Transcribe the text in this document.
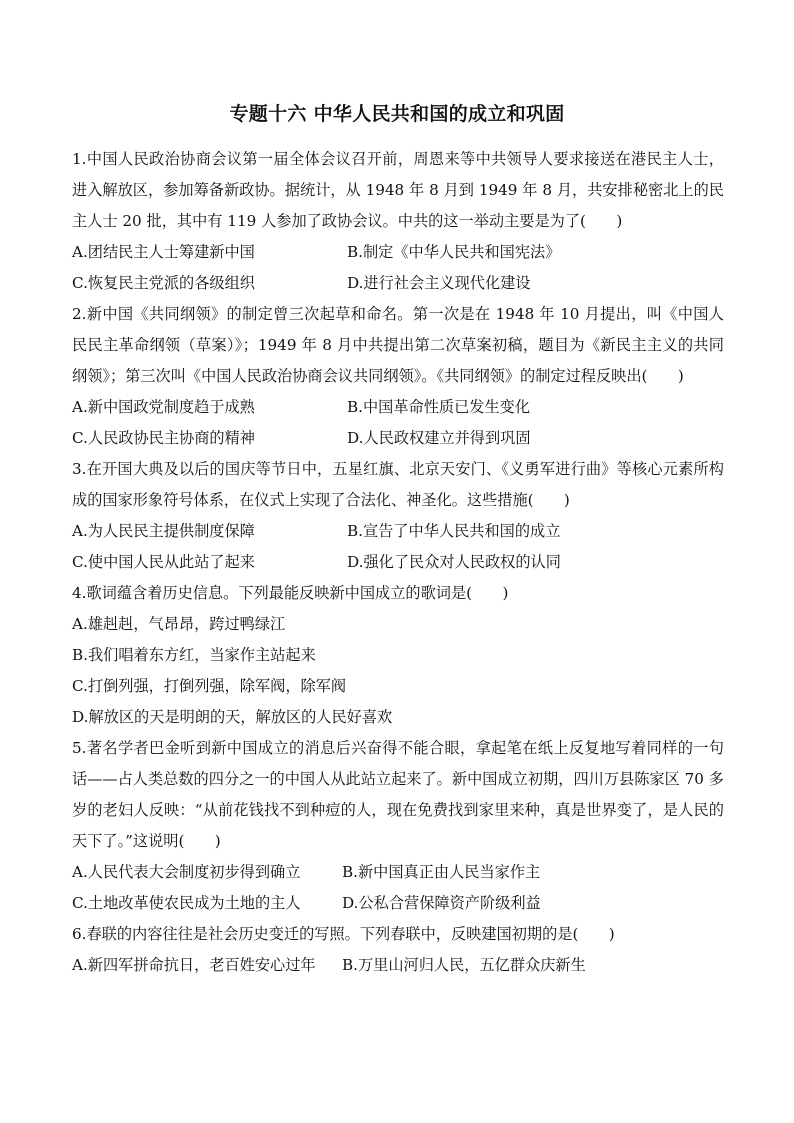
专题十六 中华人民共和国的成立和巩固
1.中国人民政治协商会议第一届全体会议召开前，周恩来等中共领导人要求接送在港民主人士，进入解放区，参加筹备新政协。据统计，从 1948 年 8 月到 1949 年 8 月，共安排秘密北上的民主人士 20 批，其中有 119 人参加了政协会议。中共的这一举动主要是为了(　　)
A.团结民主人士筹建新中国	B.制定《中华人民共和国宪法》
C.恢复民主党派的各级组织	D.进行社会主义现代化建设
2.新中国《共同纲领》的制定曾三次起草和命名。第一次是在 1948 年 10 月提出，叫《中国人民民主革命纲领（草案）》；1949 年 8 月中共提出第二次草案初稿，题目为《新民主主义的共同纲领》；第三次叫《中国人民政治协商会议共同纲领》。《共同纲领》的制定过程反映出(　　)
A.新中国政党制度趋于成熟	B.中国革命性质已发生变化
C.人民政协民主协商的精神	D.人民政权建立并得到巩固
3.在开国大典及以后的国庆等节日中，五星红旗、北京天安门、《义勇军进行曲》等核心元素所构成的国家形象符号体系，在仪式上实现了合法化、神圣化。这些措施(　　)
A.为人民民主提供制度保障	B.宣告了中华人民共和国的成立
C.使中国人民从此站了起来	D.强化了民众对人民政权的认同
4.歌词蕴含着历史信息。下列最能反映新中国成立的歌词是(　　)
A.雄赳赳，气昂昂，跨过鸭绿江
B.我们唱着东方红，当家作主站起来
C.打倒列强，打倒列强，除军阀，除军阀
D.解放区的天是明朗的天，解放区的人民好喜欢
5.著名学者巴金听到新中国成立的消息后兴奋得不能合眼，拿起笔在纸上反复地写着同样的一句话——占人类总数的四分之一的中国人从此站立起来了。新中国成立初期，四川万县陈家区 70 多岁的老妇人反映：“从前花钱找不到种痘的人，现在免费找到家里来种，真是世界变了，是人民的天下了。”这说明(　　)
A.人民代表大会制度初步得到确立	B.新中国真正由人民当家作主
C.土地改革使农民成为土地的主人	D.公私合营保障资产阶级利益
6.春联的内容往往是社会历史变迁的写照。下列春联中，反映建国初期的是(　　)
A.新四军拼命抗日，老百姓安心过年	B.万里山河归人民，五亿群众庆新生
